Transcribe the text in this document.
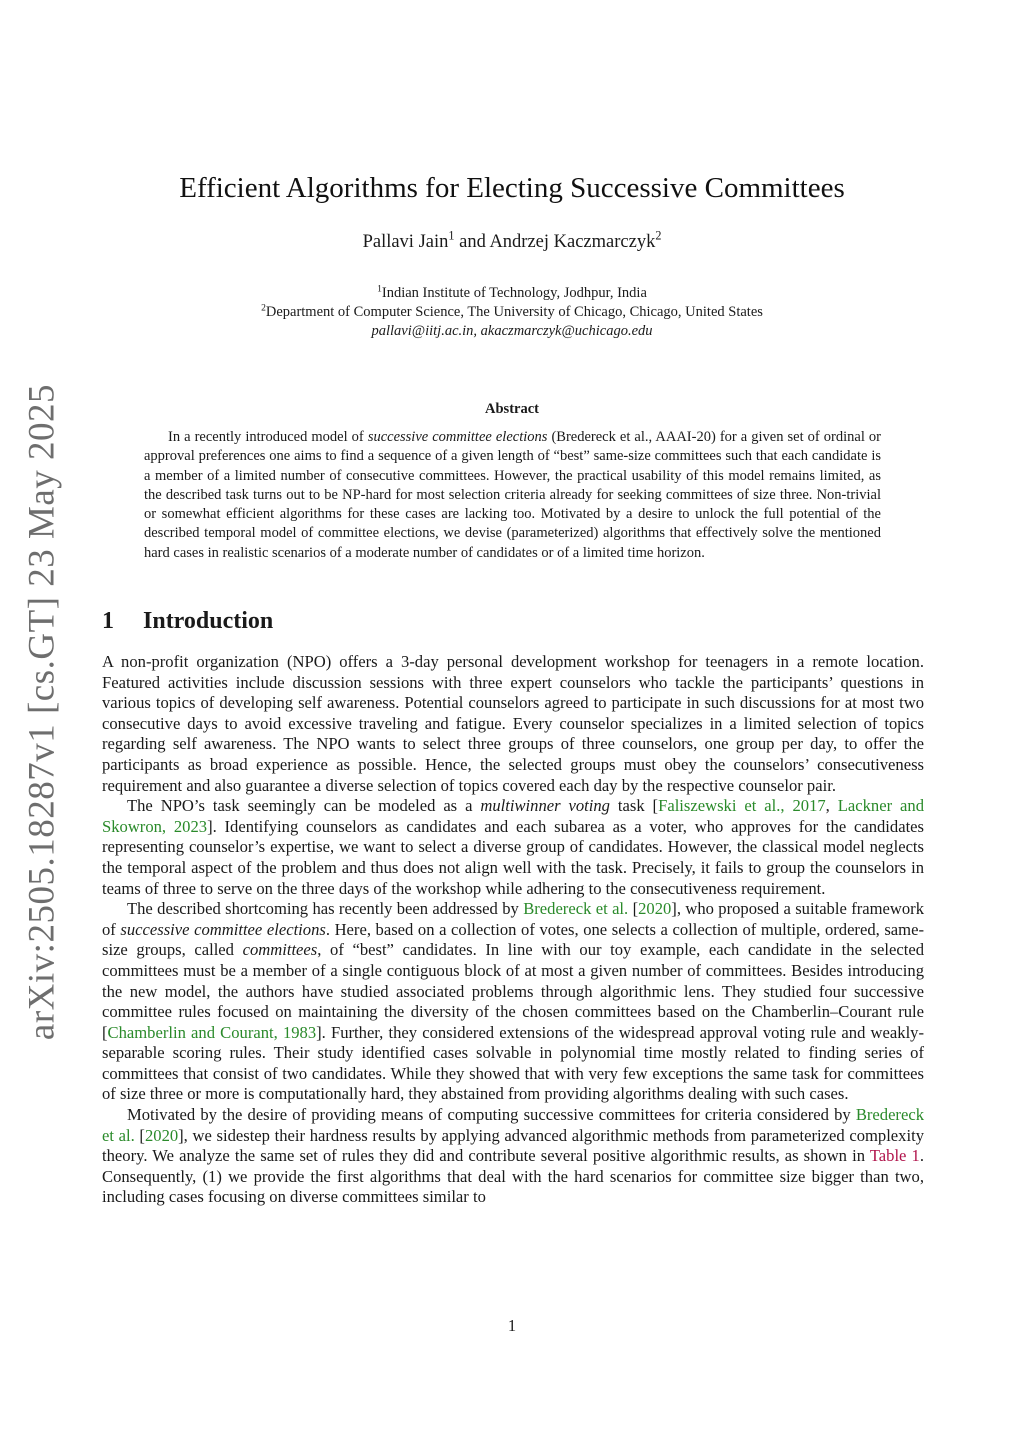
arXiv:2505.18287v1 [cs.GT] 23 May 2025
Efficient Algorithms for Electing Successive Committees
Pallavi Jain$^1$ and Andrzej Kaczmarczyk$^2$
$^1$Indian Institute of Technology, Jodhpur, India
$^2$Department of Computer Science, The University of Chicago, Chicago, United States
pallavi@iitj.ac.in, akaczmarczyk@uchicago.edu
Abstract

In a recently introduced model of successive committee elections (Bredereck et al., AAAI-20) for a given set of ordinal or approval preferences one aims to find a sequence of a given length of “best” same-size committees such that each candidate is a member of a limited number of consecutive committees. However, the practical usability of this model remains limited, as the described task turns out to be NP-hard for most selection criteria already for seeking committees of size three. Non-trivial or somewhat efficient algorithms for these cases are lacking too. Motivated by a desire to unlock the full potential of the described temporal model of committee elections, we devise (parameterized) algorithms that effectively solve the mentioned hard cases in realistic scenarios of a moderate number of candidates or of a limited time horizon.

1 Introduction

A non-profit organization (NPO) offers a 3-day personal development workshop for teenagers in a remote location. Featured activities include discussion sessions with three expert counselors who tackle the participants’ questions in various topics of developing self awareness. Potential counselors agreed to participate in such discussions for at most two consecutive days to avoid excessive traveling and fatigue. Every counselor specializes in a limited selection of topics regarding self awareness. The NPO wants to select three groups of three counselors, one group per day, to offer the participants as broad experience as possible. Hence, the selected groups must obey the counselors’ consecutiveness requirement and also guarantee a diverse selection of topics covered each day by the respective counselor pair.

The NPO’s task seemingly can be modeled as a multiwinner voting task [Faliszewski et al., 2017, Lackner and Skowron, 2023]. Identifying counselors as candidates and each subarea as a voter, who approves for the candidates representing counselor’s expertise, we want to select a diverse group of candidates. However, the classical model neglects the temporal aspect of the problem and thus does not align well with the task. Precisely, it fails to group the counselors in teams of three to serve on the three days of the workshop while adhering to the consecutiveness requirement.

The described shortcoming has recently been addressed by Bredereck et al. [2020], who proposed a suitable framework of successive committee elections. Here, based on a collection of votes, one selects a collection of multiple, ordered, same-size groups, called committees, of “best” candidates. In line with our toy example, each candidate in the selected committees must be a member of a single contiguous block of at most a given number of committees. Besides introducing the new model, the authors have studied associated problems through algorithmic lens. They studied four successive committee rules focused on maintaining the diversity of the chosen committees based on the Chamberlin–Courant rule [Chamberlin and Courant, 1983]. Further, they considered extensions of the widespread approval voting rule and weakly-separable scoring rules. Their study identified cases solvable in polynomial time mostly related to finding series of committees that consist of two candidates. While they showed that with very few exceptions the same task for committees of size three or more is computationally hard, they abstained from providing algorithms dealing with such cases.

Motivated by the desire of providing means of computing successive committees for criteria considered by Bredereck et al. [2020], we sidestep their hardness results by applying advanced algorithmic methods from parameterized complexity theory. We analyze the same set of rules they did and contribute several positive algorithmic results, as shown in Table 1. Consequently, (1) we provide the first algorithms that deal with the hard scenarios for committee size bigger than two, including cases focusing on diverse committees similar to

1
